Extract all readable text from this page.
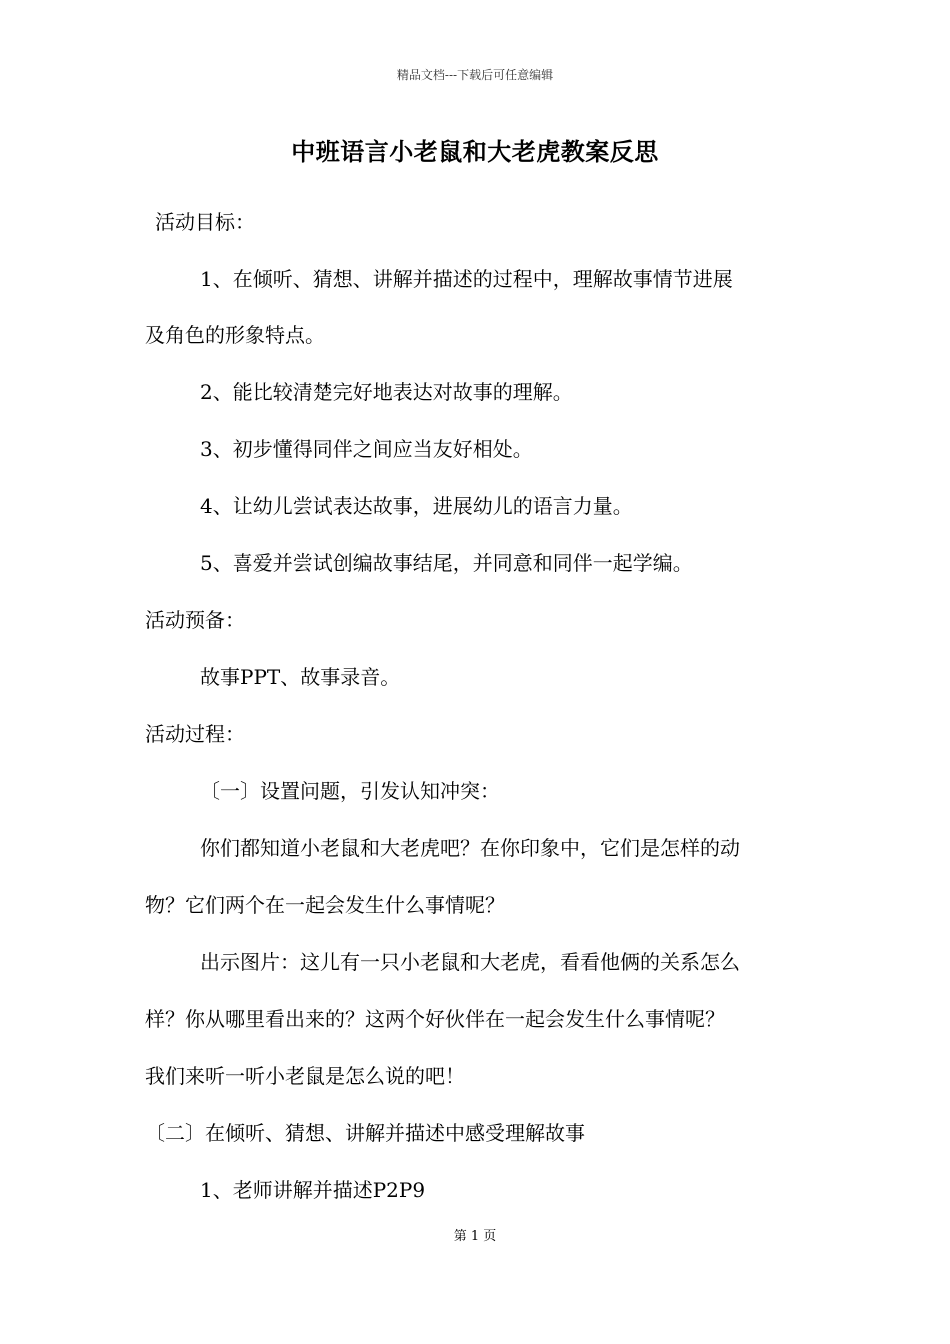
精品文档---下载后可任意编辑
中班语言小老鼠和大老虎教案反思
活动目标：
1、在倾听、猜想、讲解并描述的过程中，理解故事情节进展
及角色的形象特点。
2、能比较清楚完好地表达对故事的理解。
3、初步懂得同伴之间应当友好相处。
4、让幼儿尝试表达故事，进展幼儿的语言力量。
5、喜爱并尝试创编故事结尾，并同意和同伴一起学编。
活动预备：
故事PPT、故事录音。
活动过程：
〔一〕设置问题，引发认知冲突：
你们都知道小老鼠和大老虎吧？在你印象中，它们是怎样的动
物？它们两个在一起会发生什么事情呢？
出示图片：这儿有一只小老鼠和大老虎，看看他俩的关系怎么
样？你从哪里看出来的？这两个好伙伴在一起会发生什么事情呢？
我们来听一听小老鼠是怎么说的吧！
〔二〕在倾听、猜想、讲解并描述中感受理解故事
1、老师讲解并描述P2P9
第 1 页
